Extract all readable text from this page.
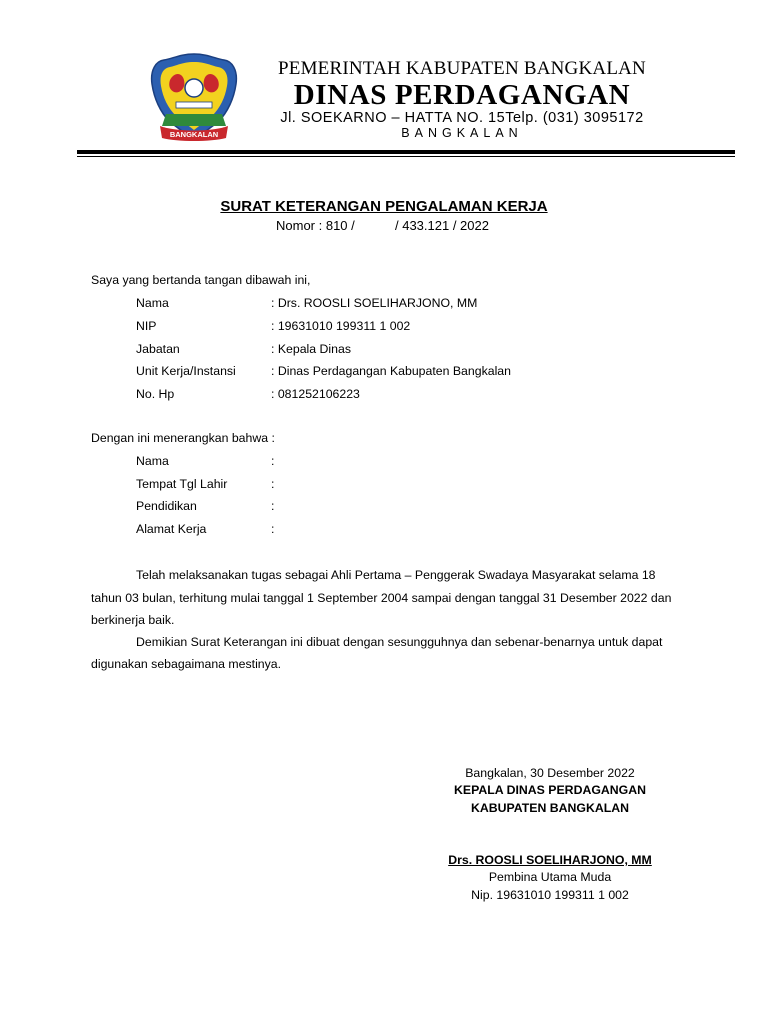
BANGKALAN
PEMERINTAH KABUPATEN BANGKALAN
DINAS PERDAGANGAN
Jl. SOEKARNO – HATTA NO. 15Telp. (031) 3095172
BANGKALAN
SURAT KETERANGAN PENGALAMAN KERJA
Nomor : 810 /	/ 433.121 / 2022
Saya yang bertanda tangan dibawah ini,
Nama	: Drs. ROOSLI SOELIHARJONO, MM
NIP	: 19631010 199311 1 002
Jabatan	: Kepala Dinas
Unit Kerja/Instansi	: Dinas Perdagangan Kabupaten Bangkalan
No. Hp	: 081252106223
Dengan ini menerangkan bahwa :
Nama	:
Tempat Tgl Lahir	:
Pendidikan	:
Alamat Kerja	:
Telah melaksanakan tugas sebagai Ahli Pertama – Penggerak Swadaya Masyarakat selama 18
tahun 03 bulan, terhitung mulai tanggal 1 September 2004 sampai dengan tanggal 31 Desember 2022 dan
berkinerja baik.
Demikian Surat Keterangan ini dibuat dengan sesungguhnya dan sebenar-benarnya untuk dapat
digunakan sebagaimana mestinya.
Bangkalan, 30 Desember 2022
KEPALA DINAS PERDAGANGAN
KABUPATEN BANGKALAN
Drs. ROOSLI SOELIHARJONO, MM
Pembina Utama Muda
Nip. 19631010 199311 1 002
